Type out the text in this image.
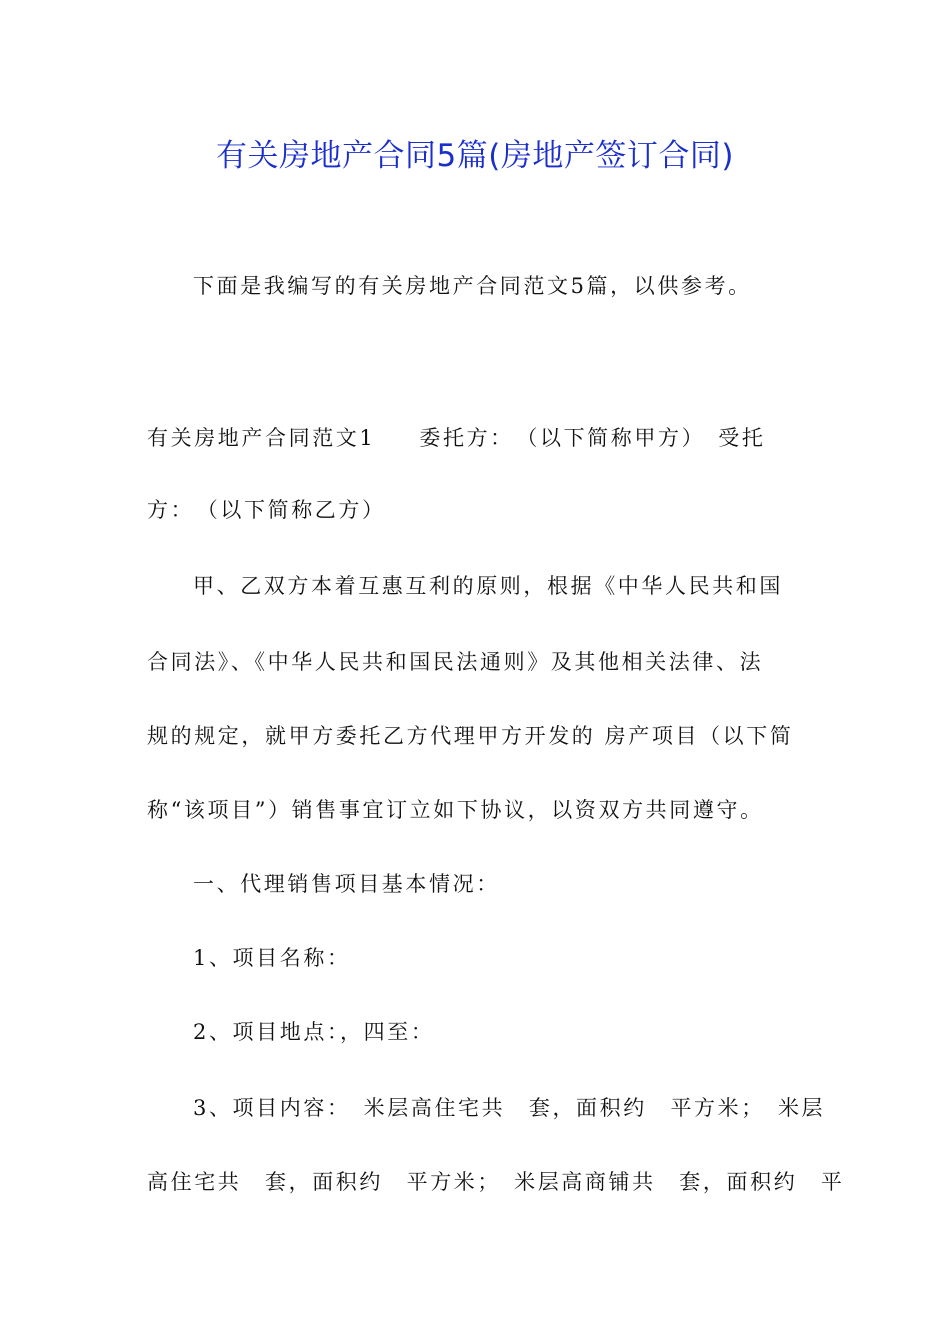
有关房地产合同5篇(房地产签订合同)
下面是我编写的有关房地产合同范文5篇，以供参考。
有关房地产合同范文1 委托方：　（以下简称甲方）　受托
方：　（以下简称乙方）
甲、乙双方本着互惠互利的原则，根据《中华人民共和国
合同法》、《中华人民共和国民法通则》及其他相关法律、法
规的规定，就甲方委托乙方代理甲方开发的 房产项目（以下简
称“该项目”）销售事宜订立如下协议，以资双方共同遵守。
一、代理销售项目基本情况：
1、项目名称：
2、项目地点：，四至：
3、项目内容：　米层高住宅共　套，面积约　平方米；　米层
高住宅共　套，面积约　平方米；　米层高商铺共　套，面积约　平
